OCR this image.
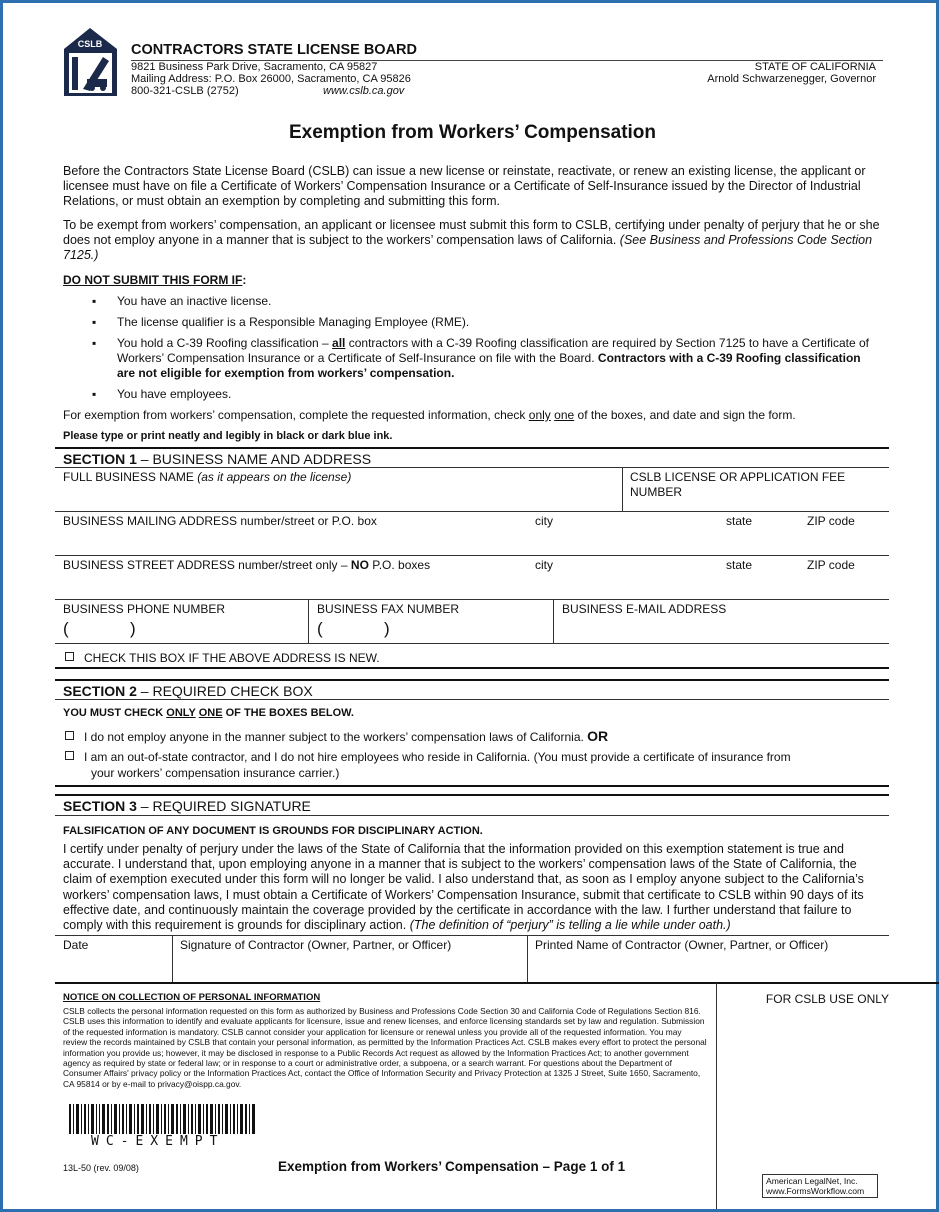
CSLB CONTRACTORS STATE LICENSE BOARD
9821 Business Park Drive, Sacramento, CA 95827
Mailing Address: P.O. Box 26000, Sacramento, CA 95826
800-321-CSLB (2752)	www.cslb.ca.gov
STATE OF CALIFORNIA
Arnold Schwarzenegger, Governor
Exemption from Workers’ Compensation
Before the Contractors State License Board (CSLB) can issue a new license or reinstate, reactivate, or renew an existing license, the applicant or licensee must have on file a Certificate of Workers’ Compensation Insurance or a Certificate of Self-Insurance issued by the Director of Industrial Relations, or must obtain an exemption by completing and submitting this form.
To be exempt from workers’ compensation, an applicant or licensee must submit this form to CSLB, certifying under penalty of perjury that he or she does not employ anyone in a manner that is subject to the workers’ compensation laws of California. (See Business and Professions Code Section 7125.)
DO NOT SUBMIT THIS FORM IF:
▪ You have an inactive license.
▪ The license qualifier is a Responsible Managing Employee (RME).
▪ You hold a C-39 Roofing classification – all contractors with a C-39 Roofing classification are required by Section 7125 to have a Certificate of Workers’ Compensation Insurance or a Certificate of Self-Insurance on file with the Board. Contractors with a C-39 Roofing classification are not eligible for exemption from workers’ compensation.
▪ You have employees.
For exemption from workers’ compensation, complete the requested information, check only one of the boxes, and date and sign the form.
Please type or print neatly and legibly in black or dark blue ink.
SECTION 1 – BUSINESS NAME AND ADDRESS
FULL BUSINESS NAME (as it appears on the license)	CSLB LICENSE OR APPLICATION FEE NUMBER
BUSINESS MAILING ADDRESS number/street or P.O. box	city	state	ZIP code
BUSINESS STREET ADDRESS number/street only – NO P.O. boxes	city	state	ZIP code
BUSINESS PHONE NUMBER	BUSINESS FAX NUMBER	BUSINESS E-MAIL ADDRESS
(	)	(	)
CHECK THIS BOX IF THE ABOVE ADDRESS IS NEW.
SECTION 2 – REQUIRED CHECK BOX
YOU MUST CHECK ONLY ONE OF THE BOXES BELOW.
I do not employ anyone in the manner subject to the workers’ compensation laws of California. OR
I am an out-of-state contractor, and I do not hire employees who reside in California. (You must provide a certificate of insurance from
your workers’ compensation insurance carrier.)
SECTION 3 – REQUIRED SIGNATURE
FALSIFICATION OF ANY DOCUMENT IS GROUNDS FOR DISCIPLINARY ACTION.
I certify under penalty of perjury under the laws of the State of California that the information provided on this exemption statement is true and accurate. I understand that, upon employing anyone in a manner that is subject to the workers’ compensation laws of the State of California, the claim of exemption executed under this form will no longer be valid. I also understand that, as soon as I employ anyone subject to the California’s workers’ compensation laws, I must obtain a Certificate of Workers’ Compensation Insurance, submit that certificate to CSLB within 90 days of its effective date, and continuously maintain the coverage provided by the certificate in accordance with the law. I further understand that failure to comply with this requirement is grounds for disciplinary action. (The definition of “perjury” is telling a lie while under oath.)
Date	Signature of Contractor (Owner, Partner, or Officer)	Printed Name of Contractor (Owner, Partner, or Officer)
NOTICE ON COLLECTION OF PERSONAL INFORMATION
CSLB collects the personal information requested on this form as authorized by Business and Professions Code Section 30 and California Code of Regulations Section 816. CSLB uses this information to identify and evaluate applicants for licensure, issue and renew licenses, and enforce licensing standards set by law and regulation. Submission of the requested information is mandatory. CSLB cannot consider your application for licensure or renewal unless you provide all of the requested information. You may review the records maintained by CSLB that contain your personal information, as permitted by the Information Practices Act. CSLB makes every effort to protect the personal information you provide us; however, it may be disclosed in response to a Public Records Act request as allowed by the Information Practices Act; to another government agency as required by state or federal law; or in response to a court or administrative order, a subpoena, or a search warrant. For questions about the Department of Consumer Affairs' privacy policy or the Information Practices Act, contact the Office of Information Security and Privacy Protection at 1325 J Street, Suite 1650, Sacramento, CA 95814 or by e-mail to privacy@oispp.ca.gov.
FOR CSLB USE ONLY
WC-EXEMPT
13L-50 (rev. 09/08)	Exemption from Workers’ Compensation – Page 1 of 1
American LegalNet, Inc.
www.FormsWorkflow.com
